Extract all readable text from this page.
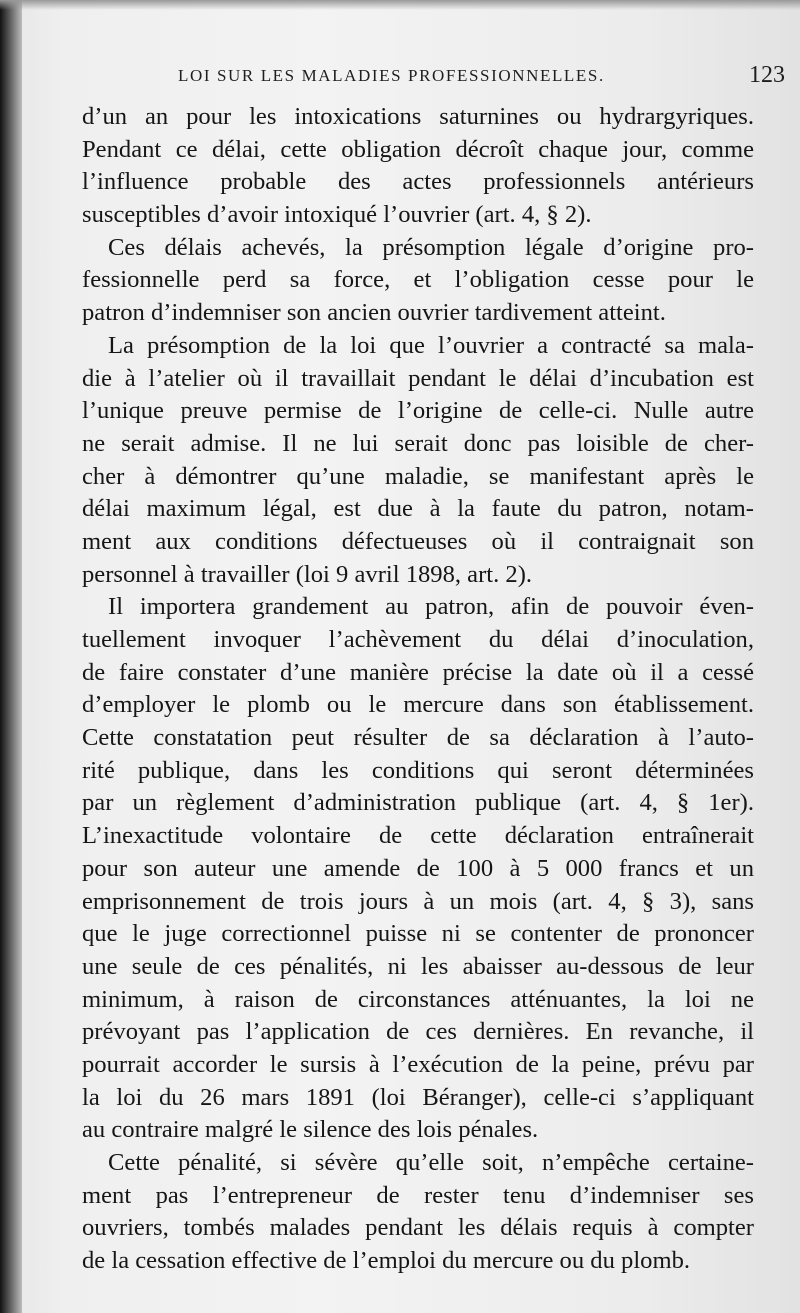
LOI SUR LES MALADIES PROFESSIONNELLES.	123
d’un an pour les intoxications saturnines ou hydrargyriques.
Pendant ce délai, cette obligation décroît chaque jour, comme
l’influence probable des actes professionnels antérieurs
susceptibles d’avoir intoxiqué l’ouvrier (art. 4, § 2).
Ces délais achevés, la présomption légale d’origine pro-
fessionnelle perd sa force, et l’obligation cesse pour le
patron d’indemniser son ancien ouvrier tardivement atteint.
La présomption de la loi que l’ouvrier a contracté sa mala-
die à l’atelier où il travaillait pendant le délai d’incubation est
l’unique preuve permise de l’origine de celle-ci. Nulle autre
ne serait admise. Il ne lui serait donc pas loisible de cher-
cher à démontrer qu’une maladie, se manifestant après le
délai maximum légal, est due à la faute du patron, notam-
ment aux conditions défectueuses où il contraignait son
personnel à travailler (loi 9 avril 1898, art. 2).
Il importera grandement au patron, afin de pouvoir éven-
tuellement invoquer l’achèvement du délai d’inoculation,
de faire constater d’une manière précise la date où il a cessé
d’employer le plomb ou le mercure dans son établissement.
Cette constatation peut résulter de sa déclaration à l’auto-
rité publique, dans les conditions qui seront déterminées
par un règlement d’administration publique (art. 4, § 1er).
L’inexactitude volontaire de cette déclaration entraînerait
pour son auteur une amende de 100 à 5 000 francs et un
emprisonnement de trois jours à un mois (art. 4, § 3), sans
que le juge correctionnel puisse ni se contenter de prononcer
une seule de ces pénalités, ni les abaisser au-dessous de leur
minimum, à raison de circonstances atténuantes, la loi ne
prévoyant pas l’application de ces dernières. En revanche, il
pourrait accorder le sursis à l’exécution de la peine, prévu par
la loi du 26 mars 1891 (loi Béranger), celle-ci s’appliquant
au contraire malgré le silence des lois pénales.
Cette pénalité, si sévère qu’elle soit, n’empêche certaine-
ment pas l’entrepreneur de rester tenu d’indemniser ses
ouvriers, tombés malades pendant les délais requis à compter
de la cessation effective de l’emploi du mercure ou du plomb.
